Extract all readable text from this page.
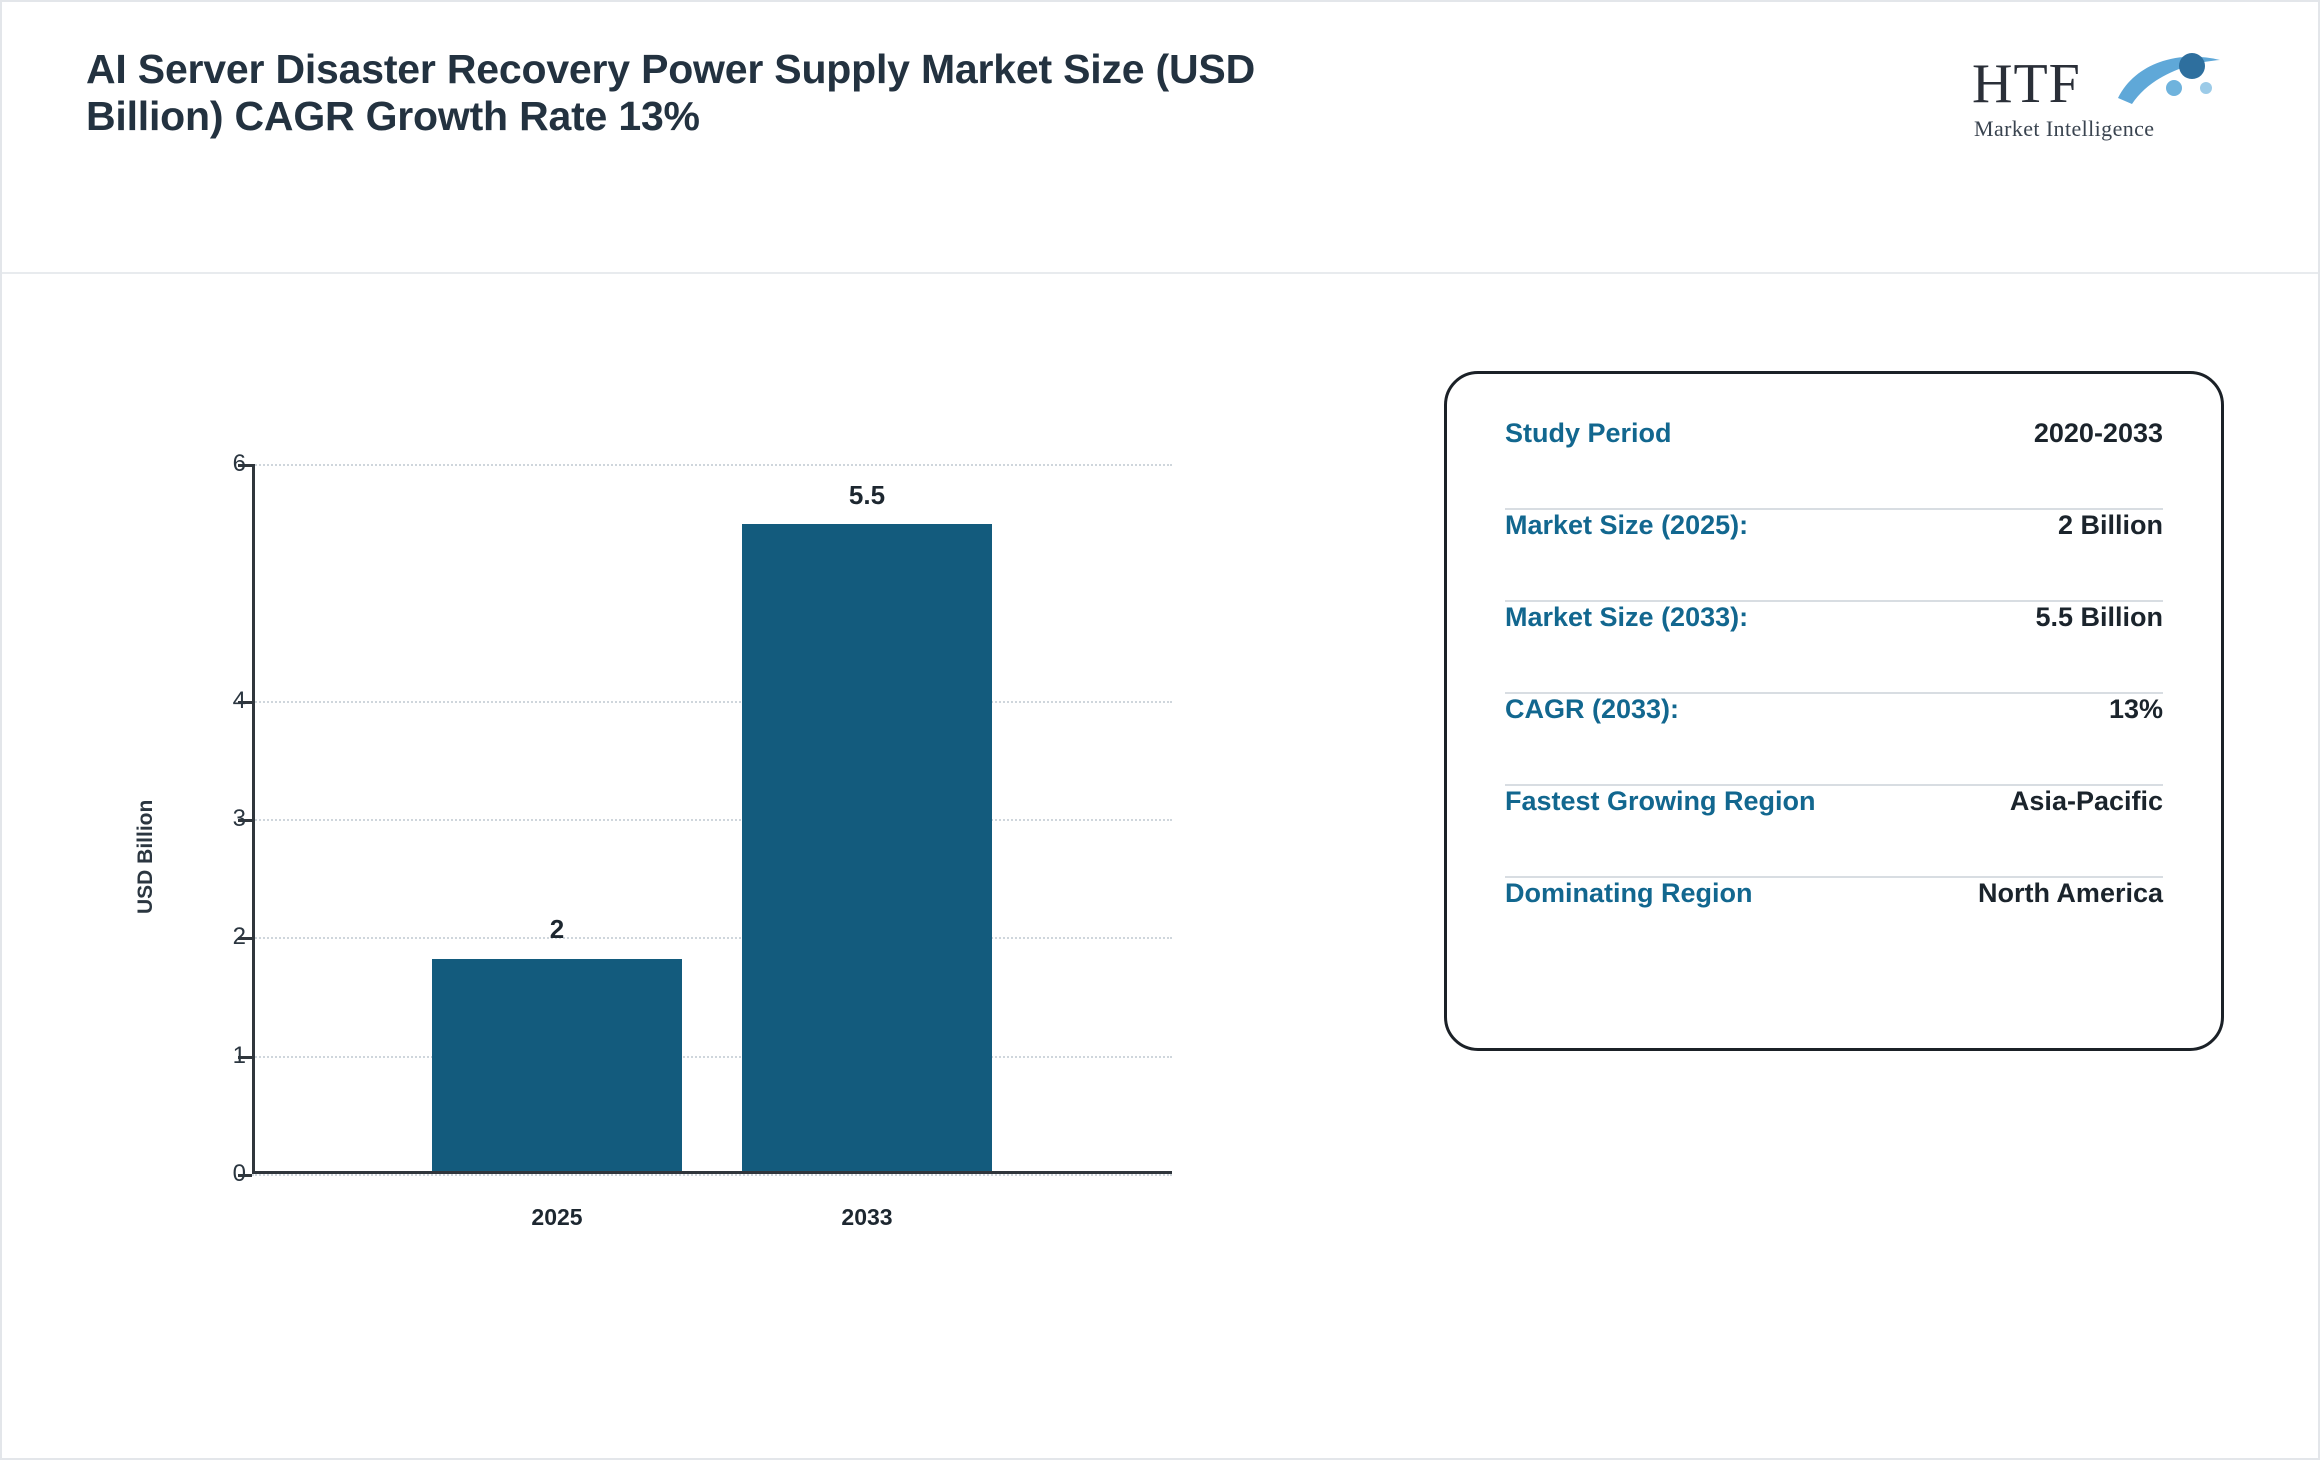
AI Server Disaster Recovery Power Supply Market Size (USD Billion) CAGR Growth Rate 13%
HTF
Market Intelligence
USD Billion
0
1
2
3
4
6
2
5.5
2025	2033
Study Period	2020-2033
Market Size (2025):	2 Billion
Market Size (2033):	5.5 Billion
CAGR (2033):	13%
Fastest Growing Region	Asia-Pacific
Dominating Region	North America
